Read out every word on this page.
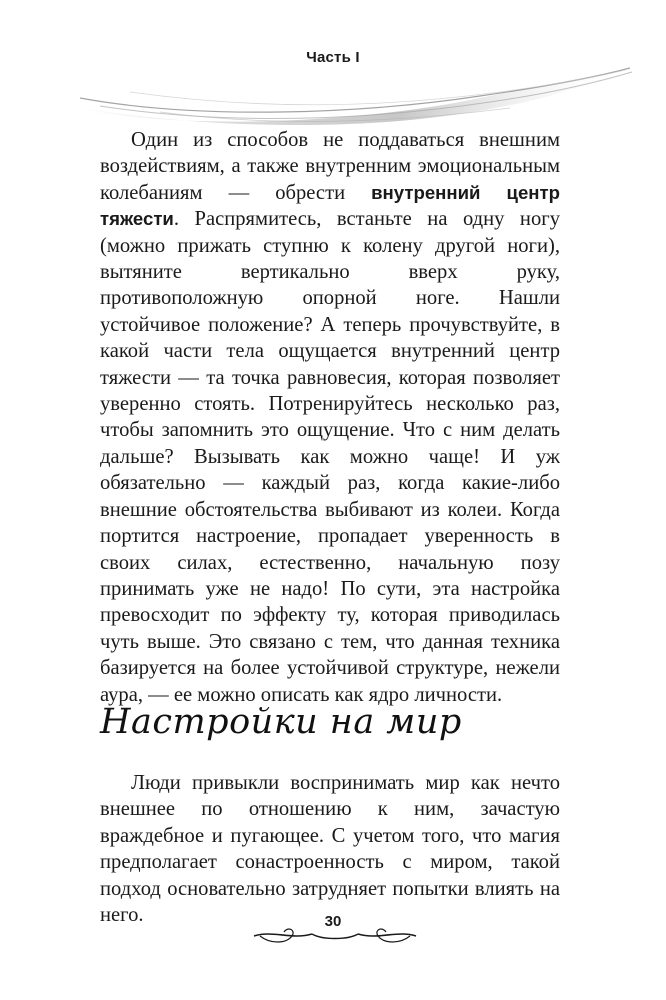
Часть I

Один из способов не поддаваться внешним воздействиям, а также внутренним эмоциональным колебаниям — обрести внутренний центр тяжести. Распрямитесь, встаньте на одну ногу (можно прижать ступню к колену другой ноги), вытяните вертикально вверх руку, противоположную опорной ноге. Нашли устойчивое положение? А теперь прочувствуйте, в какой части тела ощущается внутренний центр тяжести — та точка равновесия, которая позволяет уверенно стоять. Потренируйтесь несколько раз, чтобы запомнить это ощущение. Что с ним делать дальше? Вызывать как можно чаще! И уж обязательно — каждый раз, когда какие-либо внешние обстоятельства выбивают из колеи. Когда портится настроение, пропадает уверенность в своих силах, естественно, начальную позу принимать уже не надо! По сути, эта настройка превосходит по эффекту ту, которая приводилась чуть выше. Это связано с тем, что данная техника базируется на более устойчивой структуре, нежели аура, — ее можно описать как ядро личности.

Настройки на мир

Люди привыкли воспринимать мир как нечто внешнее по отношению к ним, зачастую враждебное и пугающее. С учетом того, что магия предполагает сонастроенность с миром, такой подход основательно затрудняет попытки влиять на него.	30
